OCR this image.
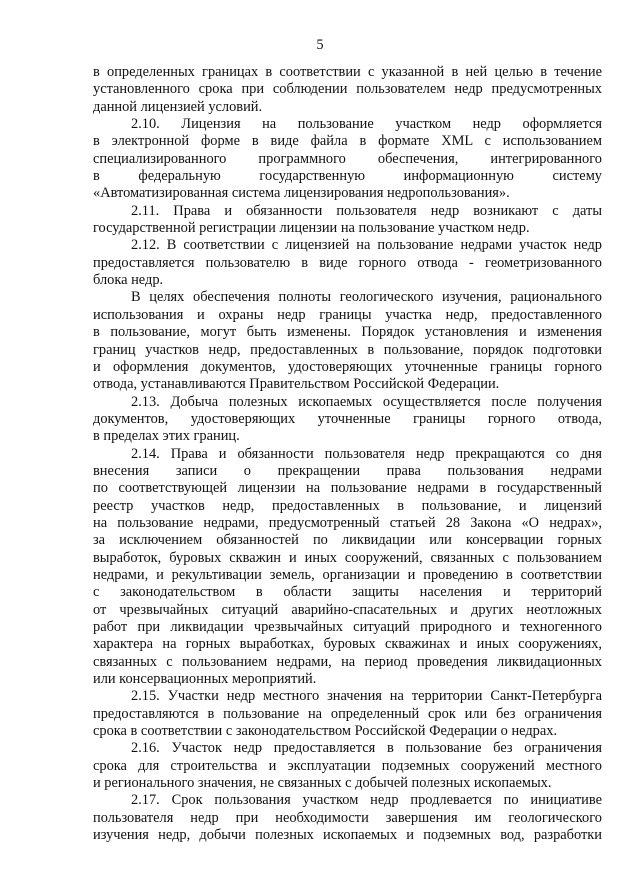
5

в определенных границах в соответствии с указанной в ней целью в течение
установленного срока при соблюдении пользователем недр предусмотренных
данной лицензией условий.

2.10. Лицензия на пользование участком недр оформляется
в электронной форме в виде файла в формате XML с использованием
специализированного программного обеспечения, интегрированного
в федеральную государственную информационную систему
«Автоматизированная система лицензирования недропользования».

2.11. Права и обязанности пользователя недр возникают с даты
государственной регистрации лицензии на пользование участком недр.

2.12. В соответствии с лицензией на пользование недрами участок недр
предоставляется пользователю в виде горного отвода - геометризованного
блока недр.

В целях обеспечения полноты геологического изучения, рационального
использования и охраны недр границы участка недр, предоставленного
в пользование, могут быть изменены. Порядок установления и изменения
границ участков недр, предоставленных в пользование, порядок подготовки
и оформления документов, удостоверяющих уточненные границы горного
отвода, устанавливаются Правительством Российской Федерации.

2.13. Добыча полезных ископаемых осуществляется после получения
документов, удостоверяющих уточненные границы горного отвода,
в пределах этих границ.

2.14. Права и обязанности пользователя недр прекращаются со дня
внесения записи о прекращении права пользования недрами
по соответствующей лицензии на пользование недрами в государственный
реестр участков недр, предоставленных в пользование, и лицензий
на пользование недрами, предусмотренный статьей 28 Закона «О недрах»,
за исключением обязанностей по ликвидации или консервации горных
выработок, буровых скважин и иных сооружений, связанных с пользованием
недрами, и рекультивации земель, организации и проведению в соответствии
с законодательством в области защиты населения и территорий
от чрезвычайных ситуаций аварийно-спасательных и других неотложных
работ при ликвидации чрезвычайных ситуаций природного и техногенного
характера на горных выработках, буровых скважинах и иных сооружениях,
связанных с пользованием недрами, на период проведения ликвидационных
или консервационных мероприятий.

2.15. Участки недр местного значения на территории Санкт-Петербурга
предоставляются в пользование на определенный срок или без ограничения
срока в соответствии с законодательством Российской Федерации о недрах.

2.16. Участок недр предоставляется в пользование без ограничения
срока для строительства и эксплуатации подземных сооружений местного
и регионального значения, не связанных с добычей полезных ископаемых.

2.17. Срок пользования участком недр продлевается по инициативе
пользователя недр при необходимости завершения им геологического
изучения недр, добычи полезных ископаемых и подземных вод, разработки
